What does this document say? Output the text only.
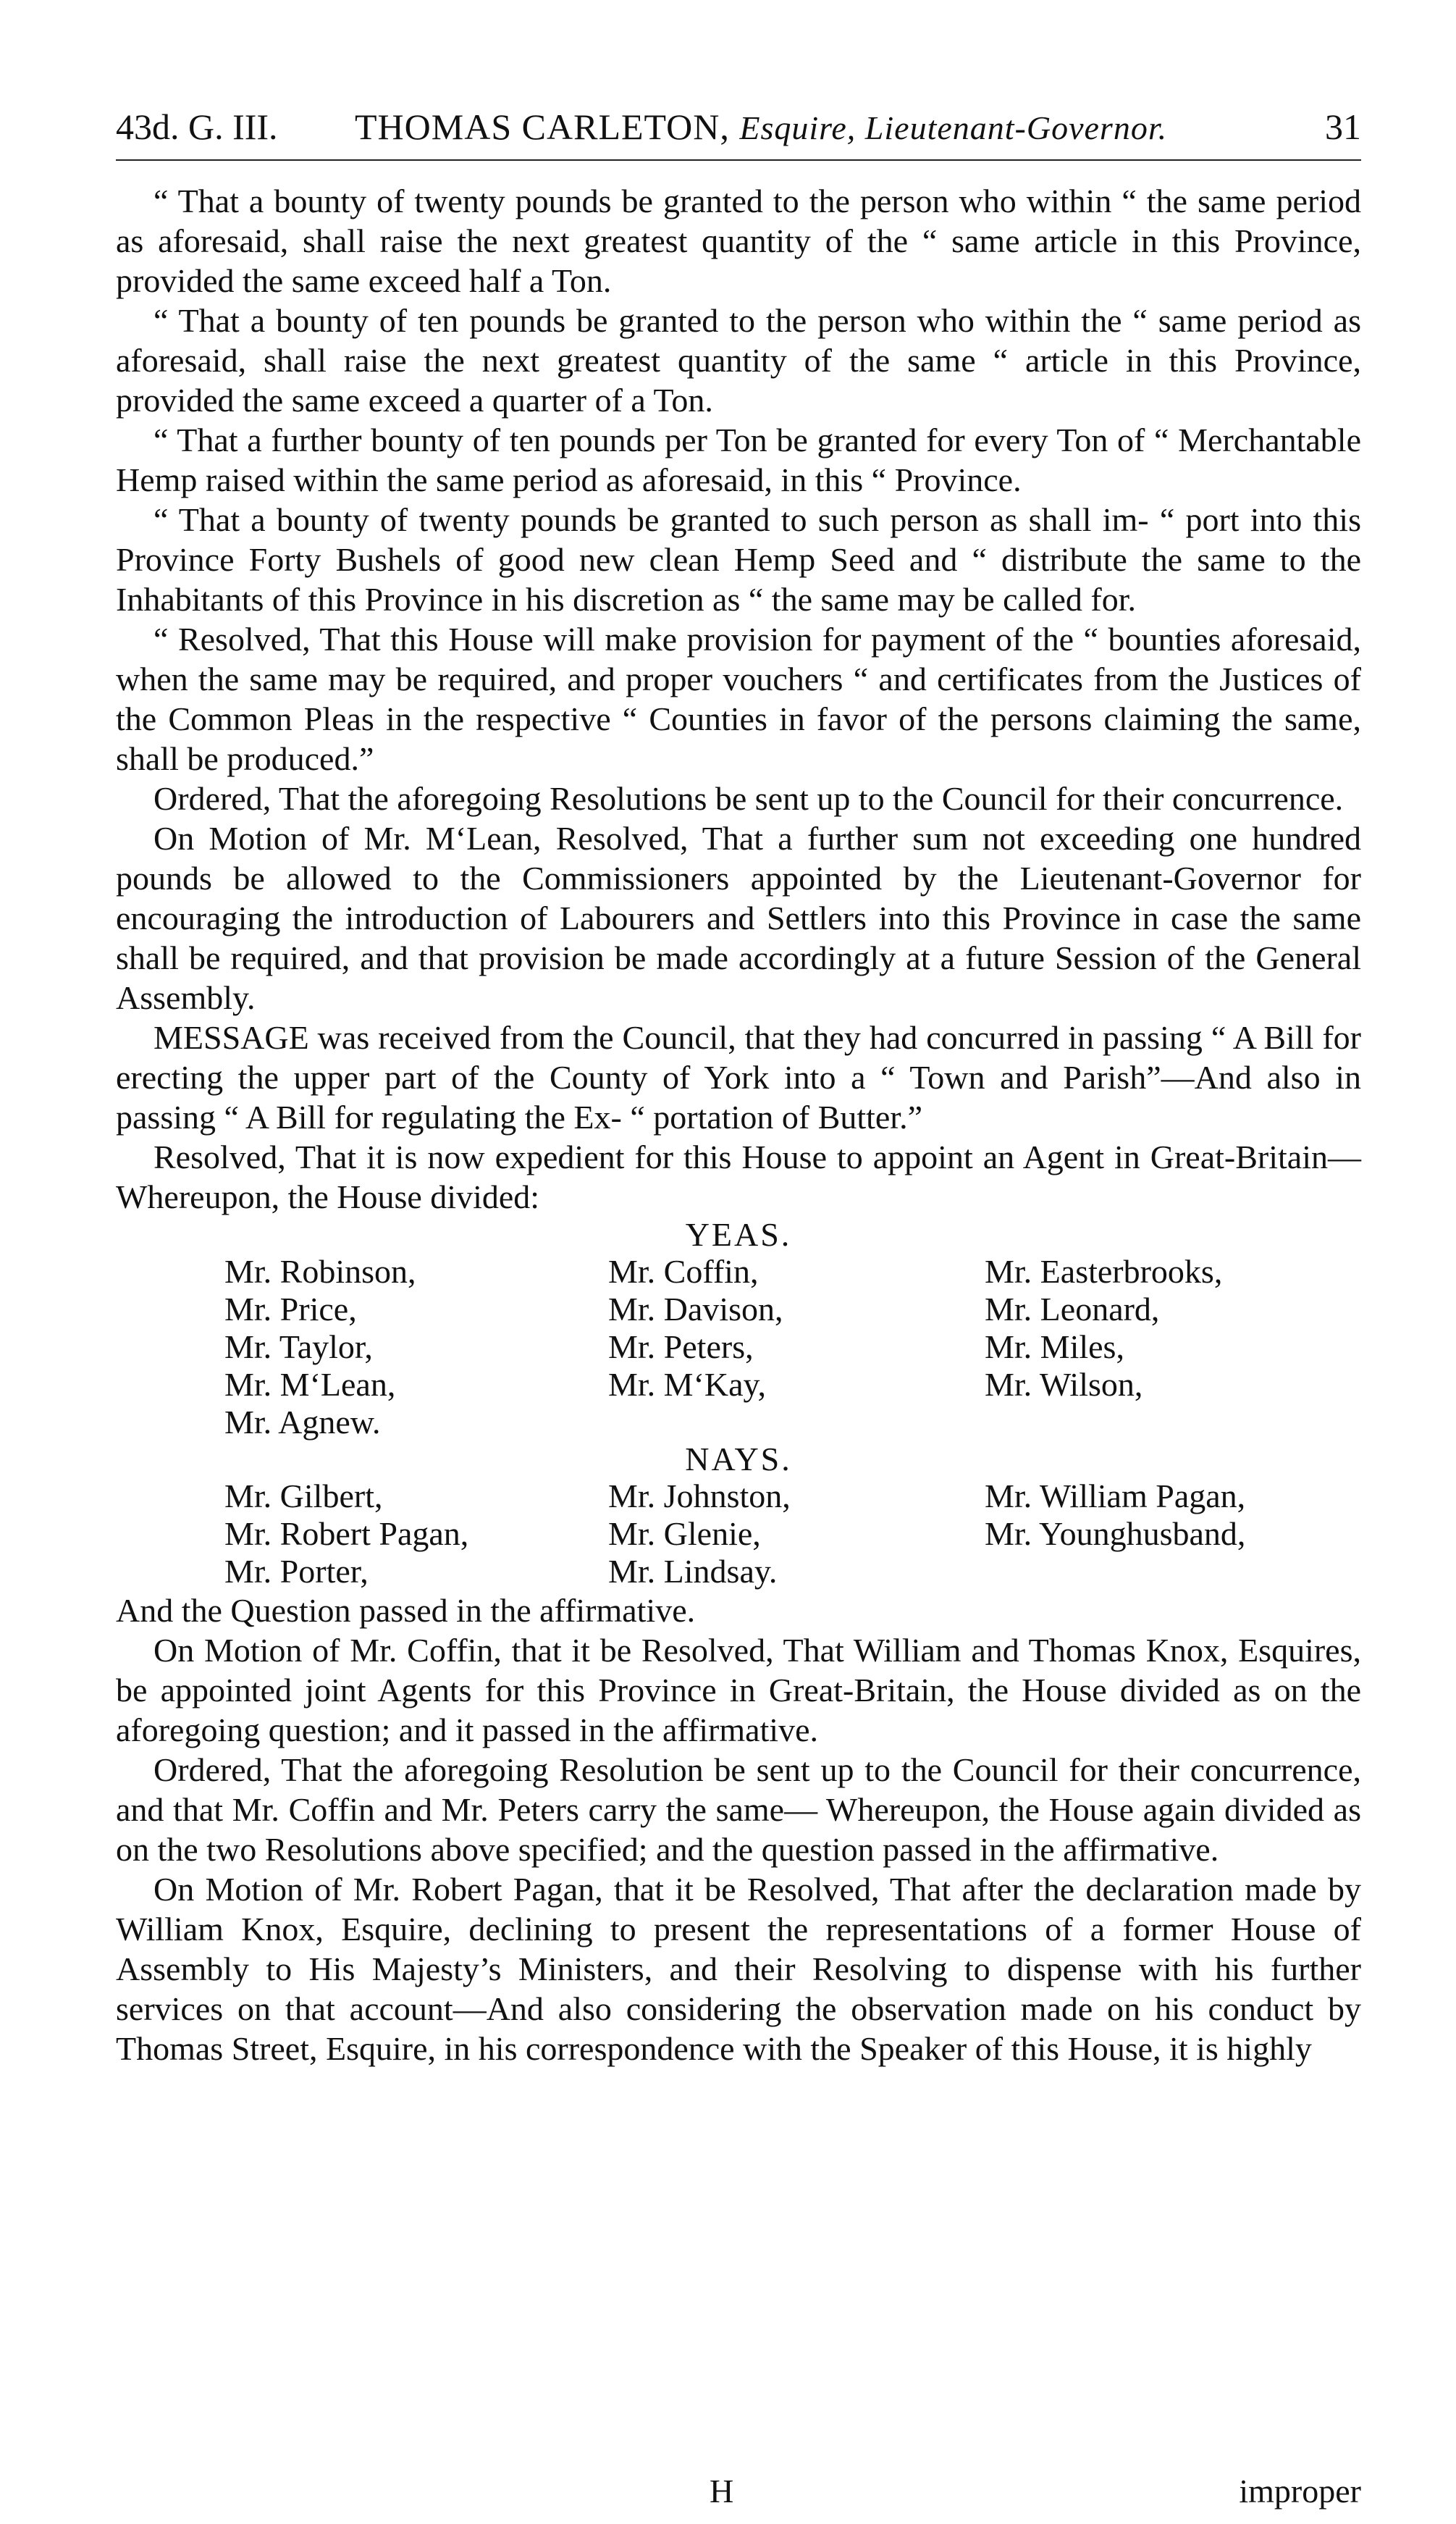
43d. G. III. THOMAS CARLETON, Esquire, Lieutenant-Governor.	31

“ That a bounty of twenty pounds be granted to the person who within “ the same period as aforesaid, shall raise the next greatest quantity of the “ same article in this Province, provided the same exceed half a Ton.

“ That a bounty of ten pounds be granted to the person who within the “ same period as aforesaid, shall raise the next greatest quantity of the same “ article in this Province, provided the same exceed a quarter of a Ton.

“ That a further bounty of ten pounds per Ton be granted for every Ton of “ Merchantable Hemp raised within the same period as aforesaid, in this “ Province.

“ That a bounty of twenty pounds be granted to such person as shall im- “ port into this Province Forty Bushels of good new clean Hemp Seed and “ distribute the same to the Inhabitants of this Province in his discretion as “ the same may be called for.

“ Resolved, That this House will make provision for payment of the “ bounties aforesaid, when the same may be required, and proper vouchers “ and certificates from the Justices of the Common Pleas in the respective “ Counties in favor of the persons claiming the same, shall be produced.”

Ordered, That the aforegoing Resolutions be sent up to the Council for their concurrence.

On Motion of Mr. M‘Lean, Resolved, That a further sum not exceeding one hundred pounds be allowed to the Commissioners appointed by the Lieutenant-Governor for encouraging the introduction of Labourers and Settlers into this Province in case the same shall be required, and that provision be made accordingly at a future Session of the General Assembly.

MESSAGE was received from the Council, that they had concurred in passing “ A Bill for erecting the upper part of the County of York into a “ Town and Parish”—And also in passing “ A Bill for regulating the Ex- “ portation of Butter.”

Resolved, That it is now expedient for this House to appoint an Agent in Great-Britain—Whereupon, the House divided:

YEAS.

Mr. Robinson,	Mr. Coffin,	Mr. Easterbrooks,
Mr. Price,	Mr. Davison,	Mr. Leonard,
Mr. Taylor,	Mr. Peters,	Mr. Miles,
Mr. M‘Lean,	Mr. M‘Kay,	Mr. Wilson,
Mr. Agnew.

NAYS.

Mr. Gilbert,	Mr. Johnston,	Mr. William Pagan,
Mr. Robert Pagan,	Mr. Glenie,	Mr. Younghusband,
Mr. Porter,	Mr. Lindsay.

And the Question passed in the affirmative.

On Motion of Mr. Coffin, that it be Resolved, That William and Thomas Knox, Esquires, be appointed joint Agents for this Province in Great-Britain, the House divided as on the aforegoing question; and it passed in the affirmative.

Ordered, That the aforegoing Resolution be sent up to the Council for their concurrence, and that Mr. Coffin and Mr. Peters carry the same— Whereupon, the House again divided as on the two Resolutions above specified; and the question passed in the affirmative.

On Motion of Mr. Robert Pagan, that it be Resolved, That after the declaration made by William Knox, Esquire, declining to present the representations of a former House of Assembly to His Majesty’s Ministers, and their Resolving to dispense with his further services on that account—And also considering the observation made on his conduct by Thomas Street, Esquire, in his correspondence with the Speaker of this House, it is highly

H	improper
